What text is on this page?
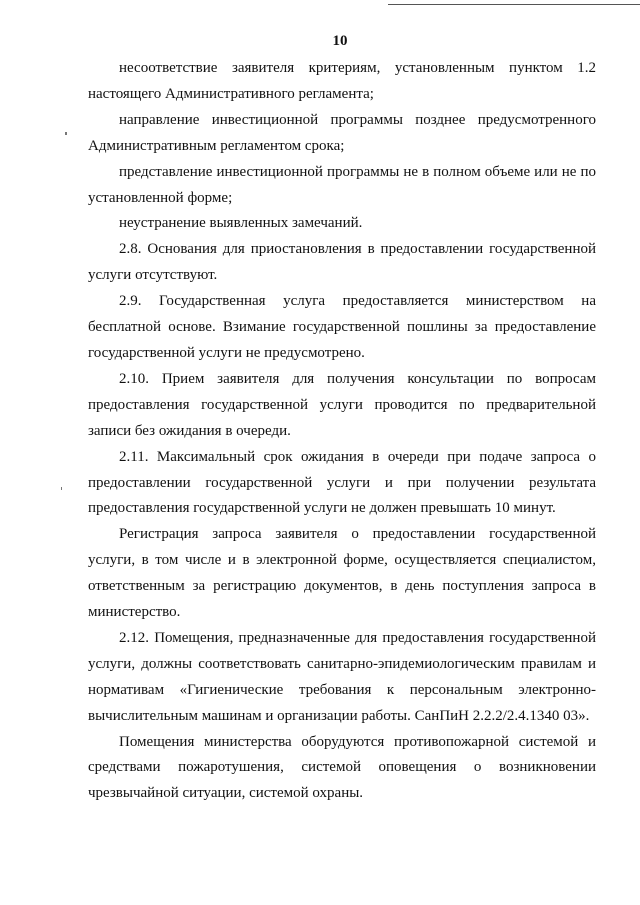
10

несоответствие заявителя критериям, установленным пунктом 1.2 настоящего Административного регламента;

направление инвестиционной программы позднее предусмотренного Административным регламентом срока;

представление инвестиционной программы не в полном объеме или не по установленной форме;

неустранение выявленных замечаний.

2.8. Основания для приостановления в предоставлении государственной услуги отсутствуют.

2.9. Государственная услуга предоставляется министерством на бесплатной основе. Взимание государственной пошлины за предоставление государственной услуги не предусмотрено.

2.10. Прием заявителя для получения консультации по вопросам предоставления государственной услуги проводится по предварительной записи без ожидания в очереди.

2.11. Максимальный срок ожидания в очереди при подаче запроса о предоставлении государственной услуги и при получении результата предоставления государственной услуги не должен превышать 10 минут.

Регистрация запроса заявителя о предоставлении государственной услуги, в том числе и в электронной форме, осуществляется специалистом, ответственным за регистрацию документов, в день поступления запроса в министерство.

2.12. Помещения, предназначенные для предоставления государственной услуги, должны соответствовать санитарно-эпидемиологическим правилам и нормативам «Гигиенические требования к персональным электронно-вычислительным машинам и организации работы. СанПиН 2.2.2/2.4.1340 03».

Помещения министерства оборудуются противопожарной системой и средствами пожаротушения, системой оповещения о возникновении чрезвычайной ситуации, системой охраны.
